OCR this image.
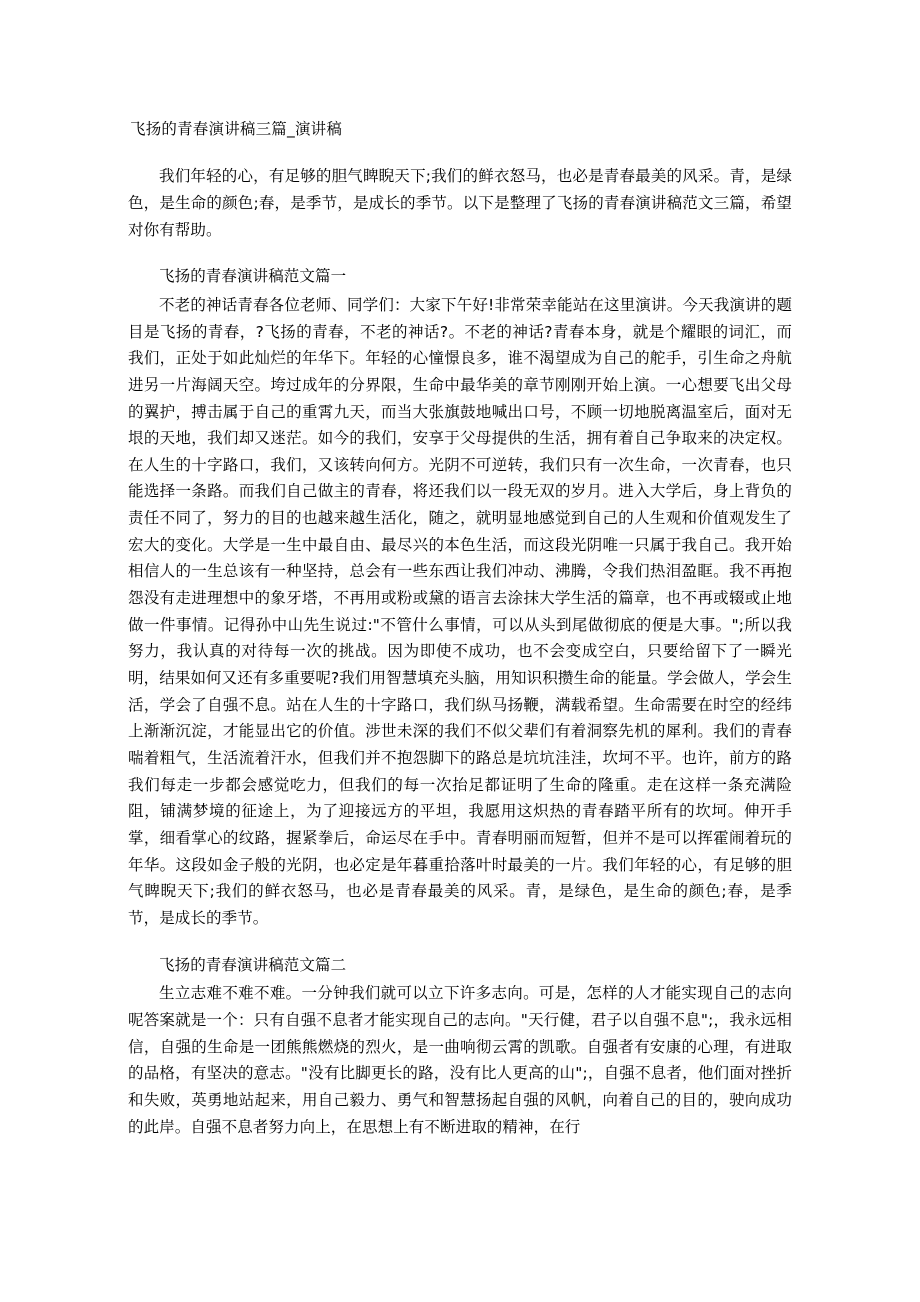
飞扬的青春演讲稿三篇_演讲稿

我们年轻的心，有足够的胆气睥睨天下;我们的鲜衣怒马，也必是青春最美的风采。青，是绿色，是生命的颜色;春，是季节，是成长的季节。以下是整理了飞扬的青春演讲稿范文三篇，希望对你有帮助。

飞扬的青春演讲稿范文篇一

不老的神话青春各位老师、同学们：大家下午好!非常荣幸能站在这里演讲。今天我演讲的题目是飞扬的青春，?飞扬的青春，不老的神话?。不老的神话?青春本身，就是个耀眼的词汇，而我们，正处于如此灿烂的年华下。年轻的心憧憬良多，谁不渴望成为自己的舵手，引生命之舟航进另一片海阔天空。垮过成年的分界限，生命中最华美的章节刚刚开始上演。一心想要飞出父母的翼护，搏击属于自己的重霄九天，而当大张旗鼓地喊出口号，不顾一切地脱离温室后，面对无垠的天地，我们却又迷茫。如今的我们，安享于父母提供的生活，拥有着自己争取来的决定权。在人生的十字路口，我们，又该转向何方。光阴不可逆转，我们只有一次生命，一次青春，也只能选择一条路。而我们自己做主的青春，将还我们以一段无双的岁月。进入大学后，身上背负的责任不同了，努力的目的也越来越生活化，随之，就明显地感觉到自己的人生观和价值观发生了宏大的变化。大学是一生中最自由、最尽兴的本色生活，而这段光阴唯一只属于我自己。我开始相信人的一生总该有一种坚持，总会有一些东西让我们冲动、沸腾，令我们热泪盈眶。我不再抱怨没有走进理想中的象牙塔，不再用或粉或黛的语言去涂抹大学生活的篇章，也不再或辍或止地做一件事情。记得孙中山先生说过:"不管什么事情，可以从头到尾做彻底的便是大事。";所以我努力，我认真的对待每一次的挑战。因为即使不成功，也不会变成空白，只要给留下了一瞬光明，结果如何又还有多重要呢?我们用智慧填充头脑，用知识积攒生命的能量。学会做人，学会生活，学会了自强不息。站在人生的十字路口，我们纵马扬鞭，满载希望。生命需要在时空的经纬上渐渐沉淀，才能显出它的价值。涉世未深的我们不似父辈们有着洞察先机的犀利。我们的青春喘着粗气，生活流着汗水，但我们并不抱怨脚下的路总是坑坑洼洼，坎坷不平。也许，前方的路我们每走一步都会感觉吃力，但我们的每一次抬足都证明了生命的隆重。走在这样一条充满险阻，铺满梦境的征途上，为了迎接远方的平坦，我愿用这炽热的青春踏平所有的坎坷。伸开手掌，细看掌心的纹路，握紧拳后，命运尽在手中。青春明丽而短暂，但并不是可以挥霍闹着玩的年华。这段如金子般的光阴，也必定是年暮重拾落叶时最美的一片。我们年轻的心，有足够的胆气睥睨天下;我们的鲜衣怒马，也必是青春最美的风采。青，是绿色，是生命的颜色;春，是季节，是成长的季节。

飞扬的青春演讲稿范文篇二

生立志难不难不难。一分钟我们就可以立下许多志向。可是，怎样的人才能实现自己的志向呢答案就是一个：只有自强不息者才能实现自己的志向。"天行健，君子以自强不息";，我永远相信，自强的生命是一团熊熊燃烧的烈火，是一曲响彻云霄的凯歌。自强者有安康的心理，有进取的品格，有坚决的意志。"没有比脚更长的路，没有比人更高的山";，自强不息者，他们面对挫折和失败，英勇地站起来，用自己毅力、勇气和智慧扬起自强的风帆，向着自己的目的，驶向成功的此岸。自强不息者努力向上，在思想上有不断进取的精神，在行
